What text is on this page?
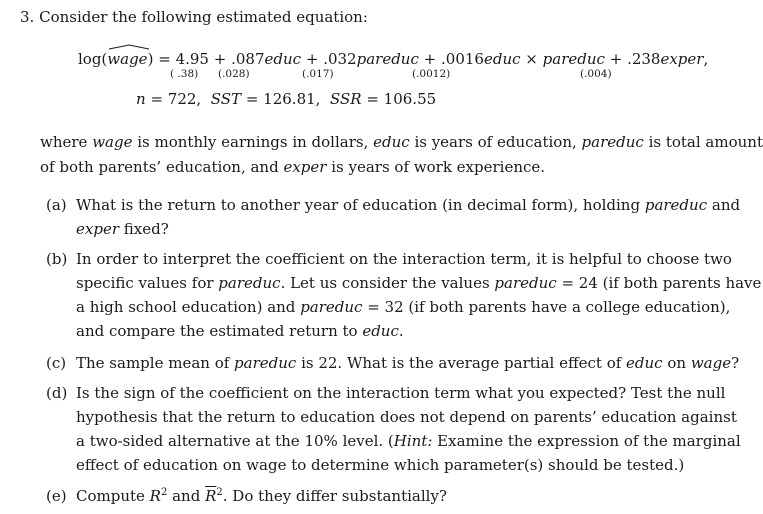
3. Consider the following estimated equation:
log(
wage) = 4.95 + .087educ + .032pareduc + .0016educ × pareduc + .238exper,
( .38) (.028)	(.017)	(.0012)	(.004)
n = 722, SST = 126.81, SSR = 106.55
where wage is monthly earnings in dollars, educ is years of education, pareduc is total amount
of both parents’ education, and exper is years of work experience.
(a) What is the return to another year of education (in decimal form), holding pareduc and
exper fixed?
(b) In order to interpret the coefficient on the interaction term, it is helpful to choose two
specific values for pareduc. Let us consider the values pareduc = 24 (if both parents have
a high school education) and pareduc = 32 (if both parents have a college education),
and compare the estimated return to educ.
(c) The sample mean of pareduc is 22. What is the average partial effect of educ on wage?
(d) Is the sign of the coefficient on the interaction term what you expected? Test the null
hypothesis that the return to education does not depend on parents’ education against
a two-sided alternative at the 10% level. (Hint: Examine the expression of the marginal
effect of education on wage to determine which parameter(s) should be tested.)
(e) Compute $R^2$ and $\overline{R}^2$. Do they differ substantially?
